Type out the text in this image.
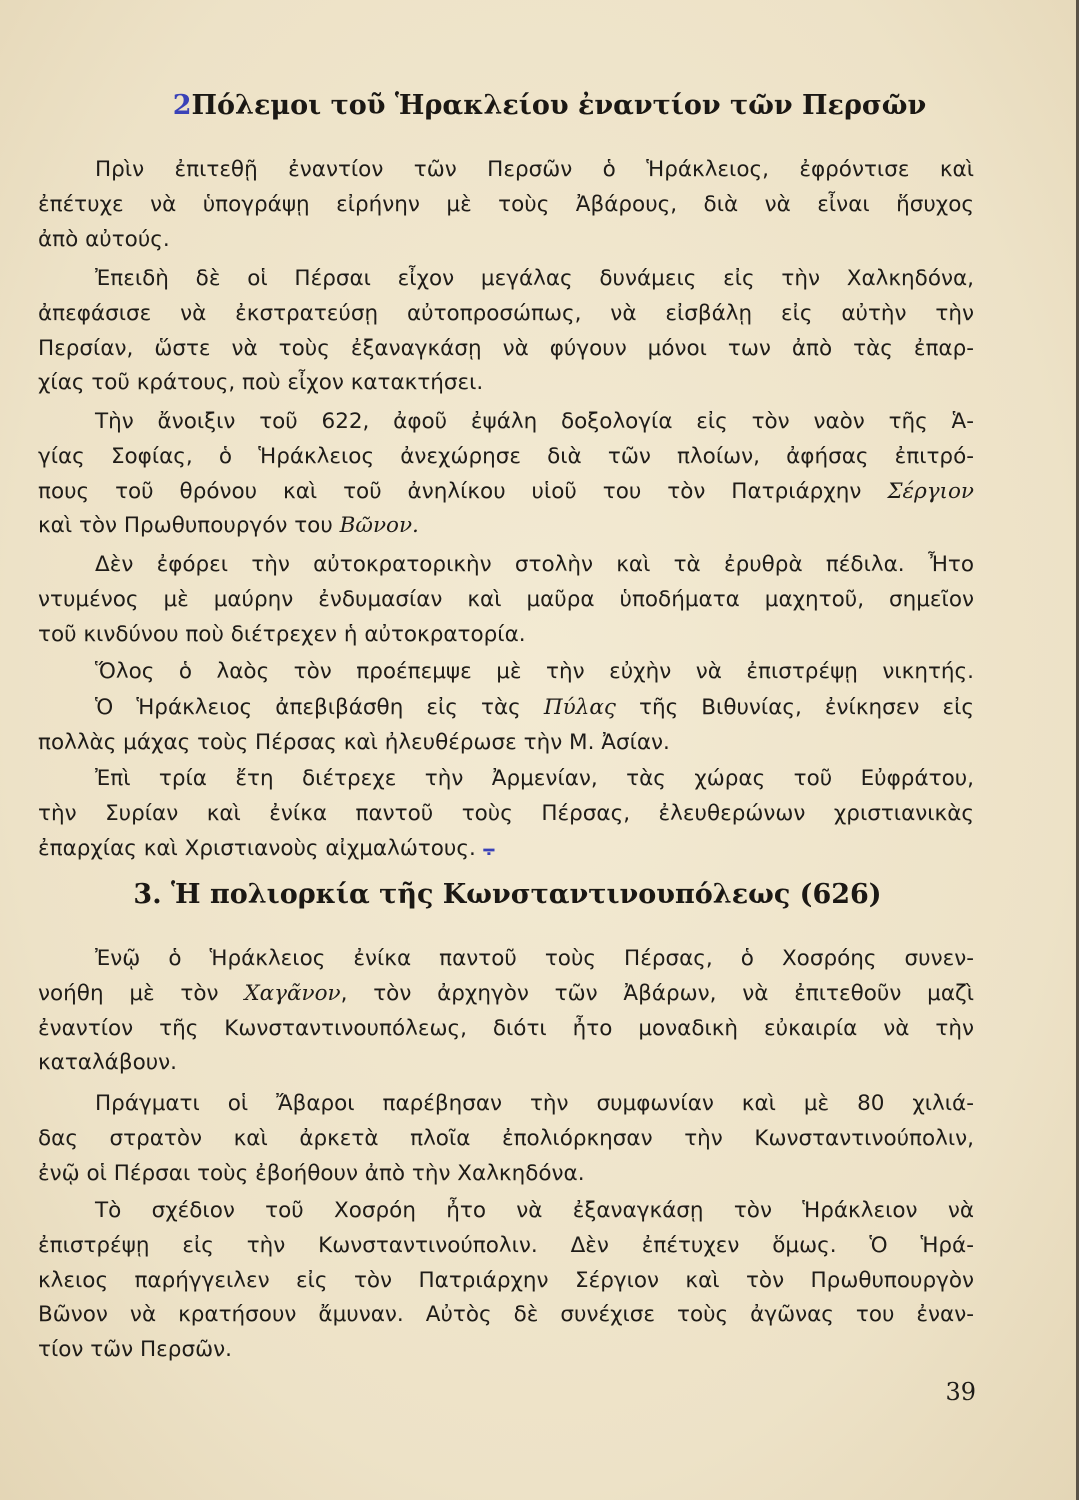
2Πόλεμοι τοῦ Ἡρακλείου ἐναντίον τῶν Περσῶν
Πρὶν ἐπιτεθῇ ἐναντίον τῶν Περσῶν ὁ Ἡράκλειος, ἐφρόντισε καὶ
ἐπέτυχε νὰ ὑπογράψῃ εἰρήνην μὲ τοὺς Ἀβάρους, διὰ νὰ εἶναι ἥσυχος
ἀπὸ αὐτούς.
Ἐπειδὴ δὲ οἱ Πέρσαι εἶχον μεγάλας δυνάμεις εἰς τὴν Χαλκηδόνα,
ἀπεφάσισε νὰ ἐκστρατεύσῃ αὐτοπροσώπως, νὰ εἰσβάλῃ εἰς αὐτὴν τὴν
Περσίαν, ὥστε νὰ τοὺς ἐξαναγκάσῃ νὰ φύγουν μόνοι των ἀπὸ τὰς ἐπαρ-
χίας τοῦ κράτους, ποὺ εἶχον κατακτήσει.
Τὴν ἄνοιξιν τοῦ 622, ἀφοῦ ἐψάλη δοξολογία εἰς τὸν ναὸν τῆς Ἁ-
γίας Σοφίας, ὁ Ἡράκλειος ἀνεχώρησε διὰ τῶν πλοίων, ἀφήσας ἐπιτρό-
πους τοῦ θρόνου καὶ τοῦ ἀνηλίκου υἱοῦ του τὸν Πατριάρχην Σέργιον
καὶ τὸν Πρωθυπουργόν του Βῶνον.
Δὲν ἐφόρει τὴν αὐτοκρατορικὴν στολὴν καὶ τὰ ἐρυθρὰ πέδιλα. Ἦτο
ντυμένος μὲ μαύρην ἐνδυμασίαν καὶ μαῦρα ὑποδήματα μαχητοῦ, σημεῖον
τοῦ κινδύνου ποὺ διέτρεχεν ἡ αὐτοκρατορία.
Ὅλος ὁ λαὸς τὸν προέπεμψε μὲ τὴν εὐχὴν νὰ ἐπιστρέψῃ νικητής.
Ὁ Ἡράκλειος ἀπεβιβάσθη εἰς τὰς Πύλας τῆς Βιθυνίας, ἐνίκησεν εἰς
πολλὰς μάχας τοὺς Πέρσας καὶ ἠλευθέρωσε τὴν Μ. Ἀσίαν.
Ἐπὶ τρία ἔτη διέτρεχε τὴν Ἀρμενίαν, τὰς χώρας τοῦ Εὐφράτου,
τὴν Συρίαν καὶ ἐνίκα παντοῦ τοὺς Πέρσας, ἐλευθερώνων χριστιανικὰς
ἐπαρχίας καὶ Χριστιανοὺς αἰχμαλώτους. ⨪
3. Ἡ πολιορκία τῆς Κωνσταντινουπόλεως (626)
Ἐνῷ ὁ Ἡράκλειος ἐνίκα παντοῦ τοὺς Πέρσας, ὁ Χοσρόης συνεν-
νοήθη μὲ τὸν Χαγᾶνον, τὸν ἀρχηγὸν τῶν Ἀβάρων, νὰ ἐπιτεθοῦν μαζὶ
ἐναντίον τῆς Κωνσταντινουπόλεως, διότι ἦτο μοναδικὴ εὐκαιρία νὰ τὴν
καταλάβουν.
Πράγματι οἱ Ἄβαροι παρέβησαν τὴν συμφωνίαν καὶ μὲ 80 χιλιά-
δας στρατὸν καὶ ἀρκετὰ πλοῖα ἐπολιόρκησαν τὴν Κωνσταντινούπολιν,
ἐνῷ οἱ Πέρσαι τοὺς ἐβοήθουν ἀπὸ τὴν Χαλκηδόνα.
Τὸ σχέδιον τοῦ Χοσρόη ἦτο νὰ ἐξαναγκάσῃ τὸν Ἡράκλειον νὰ
ἐπιστρέψῃ εἰς τὴν Κωνσταντινούπολιν. Δὲν ἐπέτυχεν ὅμως. Ὁ Ἡρά-
κλειος παρήγγειλεν εἰς τὸν Πατριάρχην Σέργιον καὶ τὸν Πρωθυπουργὸν
Βῶνον νὰ κρατήσουν ἄμυναν. Αὐτὸς δὲ συνέχισε τοὺς ἀγῶνας του ἐναν-
τίον τῶν Περσῶν.
39
